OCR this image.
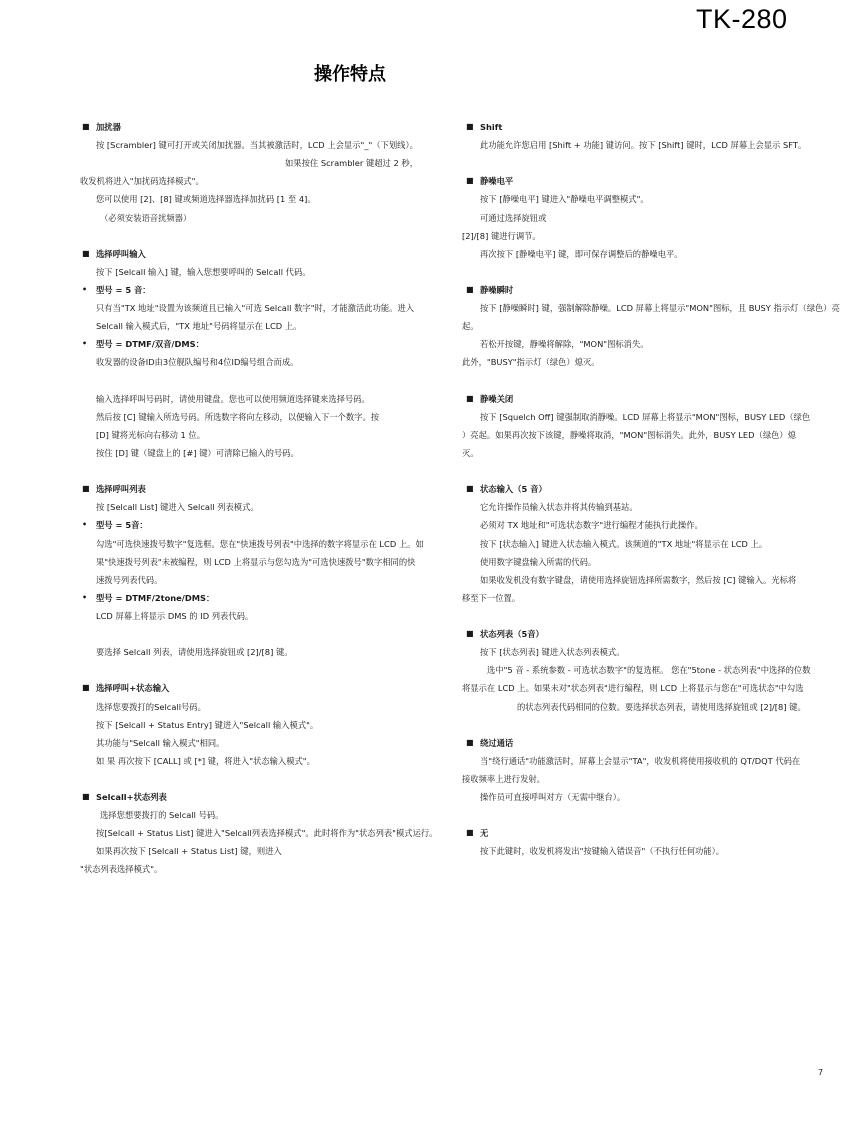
TK-280
操作特点
■ 加扰器
按 [Scrambler] 键可打开或关闭加扰器。当其被激活时，LCD 上会显示"_"（下划线）。
如果按住 Scrambler 键超过 2 秒，
收发机将进入"加扰码选择模式"。
您可以使用 [2]、[8] 键或频道选择器选择加扰码 [1 至 4]。
（必须安装语音扰频器）
■ 选择呼叫输入
按下 [Selcall 输入] 键，输入您想要呼叫的 Selcall 代码。
• 型号 = 5 音：
只有当"TX 地址"设置为该频道且已输入"可选 Selcall 数字"时，才能激活此功能。进入
Selcall 输入模式后，"TX 地址"号码将显示在 LCD 上。
• 型号 = DTMF/双音/DMS：
收发器的设备ID由3位舰队编号和4位ID编号组合而成。
输入选择呼叫号码时，请使用键盘。您也可以使用频道选择键来选择号码。
然后按 [C] 键输入所选号码。所选数字将向左移动，以便输入下一个数字。按
[D] 键将光标向右移动 1 位。
按住 [D] 键（键盘上的 [#] 键）可清除已输入的号码。
■ 选择呼叫列表
按 [Selcall List] 键进入 Selcall 列表模式。
• 型号 = 5音：
勾选"可选快速拨号数字"复选框。您在"快速拨号列表"中选择的数字将显示在 LCD 上。如
果"快速拨号列表"未被编程，则 LCD 上将显示与您勾选为"可选快速拨号"数字相同的快
速拨号列表代码。
• 型号 = DTMF/2tone/DMS：
LCD 屏幕上将显示 DMS 的 ID 列表代码。
要选择 Selcall 列表，请使用选择旋钮或 [2]/[8] 键。
■ 选择呼叫+状态输入
选择您要拨打的Selcall号码。
按下 [Selcall + Status Entry] 键进入"Selcall 输入模式"。
其功能与"Selcall 输入模式"相同。
如 果 再次按下 [CALL] 或 [*] 键，将进入"状态输入模式"。
■ Selcall+状态列表
选择您想要拨打的 Selcall 号码。
按[Selcall + Status List] 键进入"Selcall列表选择模式"。此时将作为"状态列表"模式运行。
如果再次按下 [Selcall + Status List] 键，则进入
"状态列表选择模式"。
■ Shift
此功能允许您启用 [Shift + 功能] 键访问。按下 [Shift] 键时，LCD 屏幕上会显示 SFT。
■ 静噪电平
按下 [静噪电平] 键进入"静噪电平调整模式"。
可通过选择旋钮或
[2]/[8] 键进行调节。
再次按下 [静噪电平] 键，即可保存调整后的静噪电平。
■ 静噪瞬时
按下 [静噪瞬时] 键，强制解除静噪。LCD 屏幕上将显示"MON"图标，且 BUSY 指示灯（绿色）亮
起。
若松开按键，静噪将解除，"MON"图标消失。
此外，"BUSY"指示灯（绿色）熄灭。
■ 静噪关闭
按下 [Squelch Off] 键强制取消静噪。LCD 屏幕上将显示"MON"图标，BUSY LED（绿色
）亮起。如果再次按下该键，静噪将取消，"MON"图标消失。此外，BUSY LED（绿色）熄
灭。
■ 状态输入（5 音）
它允许操作员输入状态并将其传输到基站。
必须对 TX 地址和"可选状态数字"进行编程才能执行此操作。
按下 [状态输入] 键进入状态输入模式。该频道的"TX 地址"将显示在 LCD 上。
使用数字键盘输入所需的代码。
如果收发机没有数字键盘，请使用选择旋钮选择所需数字，然后按 [C] 键输入。光标将
移至下一位置。
■ 状态列表（5音）
按下 [状态列表] 键进入状态列表模式。
选中"5 音 - 系统参数 - 可选状态数字"的复选框。 您在"5tone - 状态列表"中选择的位数
将显示在 LCD 上。如果未对"状态列表"进行编程，则 LCD 上将显示与您在"可选状态"中勾选
的状态列表代码相同的位数。要选择状态列表，请使用选择旋钮或 [2]/[8] 键。
■ 绕过通话
当"绕行通话"功能激活时，屏幕上会显示"TA"，收发机将使用接收机的 QT/DQT 代码在
接收频率上进行发射。
操作员可直接呼叫对方（无需中继台）。
■ 无
按下此键时，收发机将发出"按键输入错误音"（不执行任何功能）。
7
